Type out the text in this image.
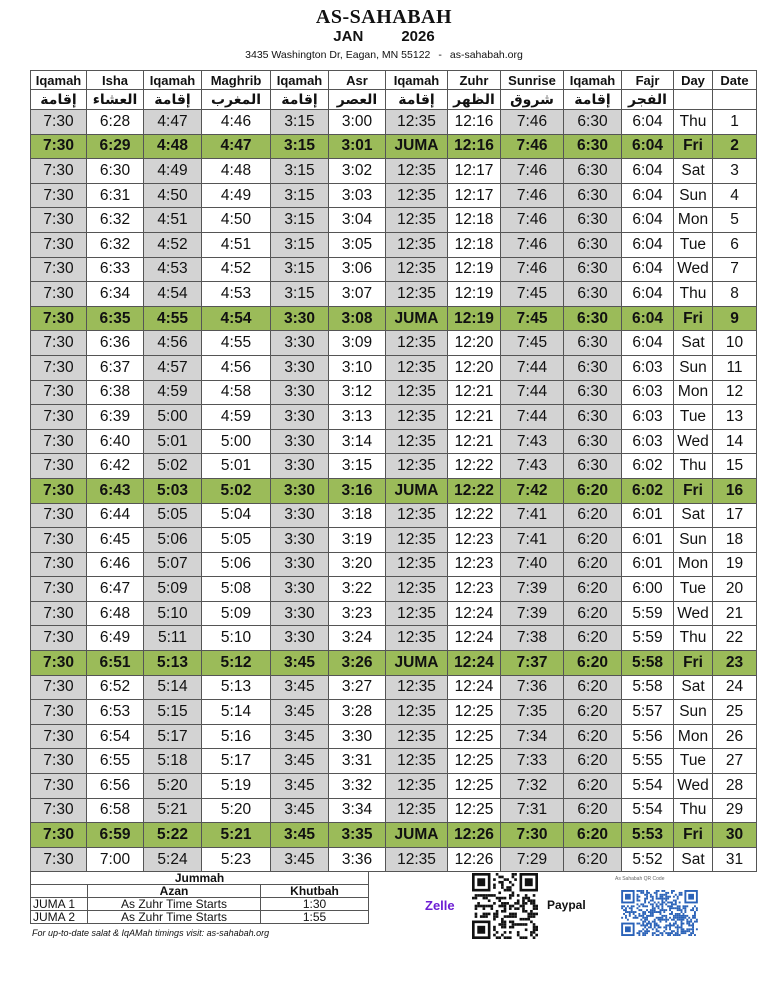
AS-SAHABAH
JAN	2026
3435 Washington Dr, Eagan, MN 55122 - as-sahabah.org
Iqamah	Isha	Iqamah	Maghrib	Iqamah	Asr	Iqamah	Zuhr	Sunrise	Iqamah	Fajr	Day	Date
إقامة	العشاء	إقامة	المغرب	إقامة	العصر	إقامة	الظهر	شروق	إقامة	الفجر		
7:30	6:28	4:47	4:46	3:15	3:00	12:35	12:16	7:46	6:30	6:04	Thu	1
7:30	6:29	4:48	4:47	3:15	3:01	JUMA	12:16	7:46	6:30	6:04	Fri	2
7:30	6:30	4:49	4:48	3:15	3:02	12:35	12:17	7:46	6:30	6:04	Sat	3
7:30	6:31	4:50	4:49	3:15	3:03	12:35	12:17	7:46	6:30	6:04	Sun	4
7:30	6:32	4:51	4:50	3:15	3:04	12:35	12:18	7:46	6:30	6:04	Mon	5
7:30	6:32	4:52	4:51	3:15	3:05	12:35	12:18	7:46	6:30	6:04	Tue	6
7:30	6:33	4:53	4:52	3:15	3:06	12:35	12:19	7:46	6:30	6:04	Wed	7
7:30	6:34	4:54	4:53	3:15	3:07	12:35	12:19	7:45	6:30	6:04	Thu	8
7:30	6:35	4:55	4:54	3:30	3:08	JUMA	12:19	7:45	6:30	6:04	Fri	9
7:30	6:36	4:56	4:55	3:30	3:09	12:35	12:20	7:45	6:30	6:04	Sat	10
7:30	6:37	4:57	4:56	3:30	3:10	12:35	12:20	7:44	6:30	6:03	Sun	11
7:30	6:38	4:59	4:58	3:30	3:12	12:35	12:21	7:44	6:30	6:03	Mon	12
7:30	6:39	5:00	4:59	3:30	3:13	12:35	12:21	7:44	6:30	6:03	Tue	13
7:30	6:40	5:01	5:00	3:30	3:14	12:35	12:21	7:43	6:30	6:03	Wed	14
7:30	6:42	5:02	5:01	3:30	3:15	12:35	12:22	7:43	6:30	6:02	Thu	15
7:30	6:43	5:03	5:02	3:30	3:16	JUMA	12:22	7:42	6:20	6:02	Fri	16
7:30	6:44	5:05	5:04	3:30	3:18	12:35	12:22	7:41	6:20	6:01	Sat	17
7:30	6:45	5:06	5:05	3:30	3:19	12:35	12:23	7:41	6:20	6:01	Sun	18
7:30	6:46	5:07	5:06	3:30	3:20	12:35	12:23	7:40	6:20	6:01	Mon	19
7:30	6:47	5:09	5:08	3:30	3:22	12:35	12:23	7:39	6:20	6:00	Tue	20
7:30	6:48	5:10	5:09	3:30	3:23	12:35	12:24	7:39	6:20	5:59	Wed	21
7:30	6:49	5:11	5:10	3:30	3:24	12:35	12:24	7:38	6:20	5:59	Thu	22
7:30	6:51	5:13	5:12	3:45	3:26	JUMA	12:24	7:37	6:20	5:58	Fri	23
7:30	6:52	5:14	5:13	3:45	3:27	12:35	12:24	7:36	6:20	5:58	Sat	24
7:30	6:53	5:15	5:14	3:45	3:28	12:35	12:25	7:35	6:20	5:57	Sun	25
7:30	6:54	5:17	5:16	3:45	3:30	12:35	12:25	7:34	6:20	5:56	Mon	26
7:30	6:55	5:18	5:17	3:45	3:31	12:35	12:25	7:33	6:20	5:55	Tue	27
7:30	6:56	5:20	5:19	3:45	3:32	12:35	12:25	7:32	6:20	5:54	Wed	28
7:30	6:58	5:21	5:20	3:45	3:34	12:35	12:25	7:31	6:20	5:54	Thu	29
7:30	6:59	5:22	5:21	3:45	3:35	JUMA	12:26	7:30	6:20	5:53	Fri	30
7:30	7:00	5:24	5:23	3:45	3:36	12:35	12:26	7:29	6:20	5:52	Sat	31
Jummah		
	Azan	Khutbah
JUMA 1	As Zuhr Time Starts	1:30
JUMA 2	As Zuhr Time Starts	1:55
For up-to-date salat & IqAMah timings visit: as-sahabah.org
Zelle	Paypal
As Sahabah QR Code
